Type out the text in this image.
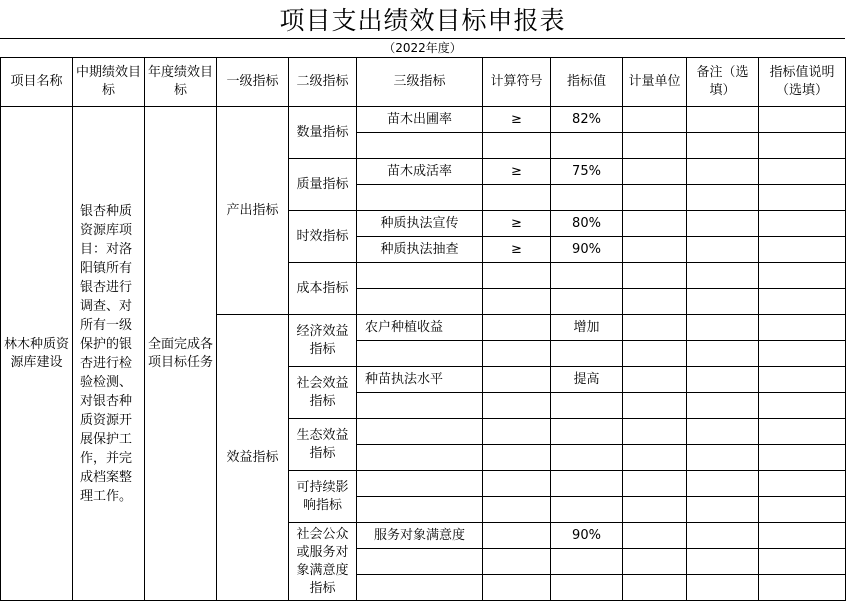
项目支出绩效目标申报表
（2022年度）
项目名称	中期绩效目标	年度绩效目标	一级指标	二级指标	三级指标	计算符号	指标值	计量单位	备注（选填）	指标值说明（选填）
林木种质资源库建设	银杏种质资源库项目：对洛阳镇所有银杏进行调查、对所有一级保护的银杏进行检验检测、对银杏种质资源开展保护工作，并完成档案整理工作。	全面完成各项目标任务	产出指标	数量指标	苗木出圃率	≥	82%			

				质量指标	苗木成活率	≥	75%			

				时效指标	种质执法宣传	≥	80%			
					种质执法抽查	≥	90%			
				成本指标						

			效益指标	经济效益指标	农户种植收益		增加			

				社会效益指标	种苗执法水平		提高			

				生态效益指标						

				可持续影响指标						

				社会公众或服务对象满意度指标	服务对象满意度		90%			
